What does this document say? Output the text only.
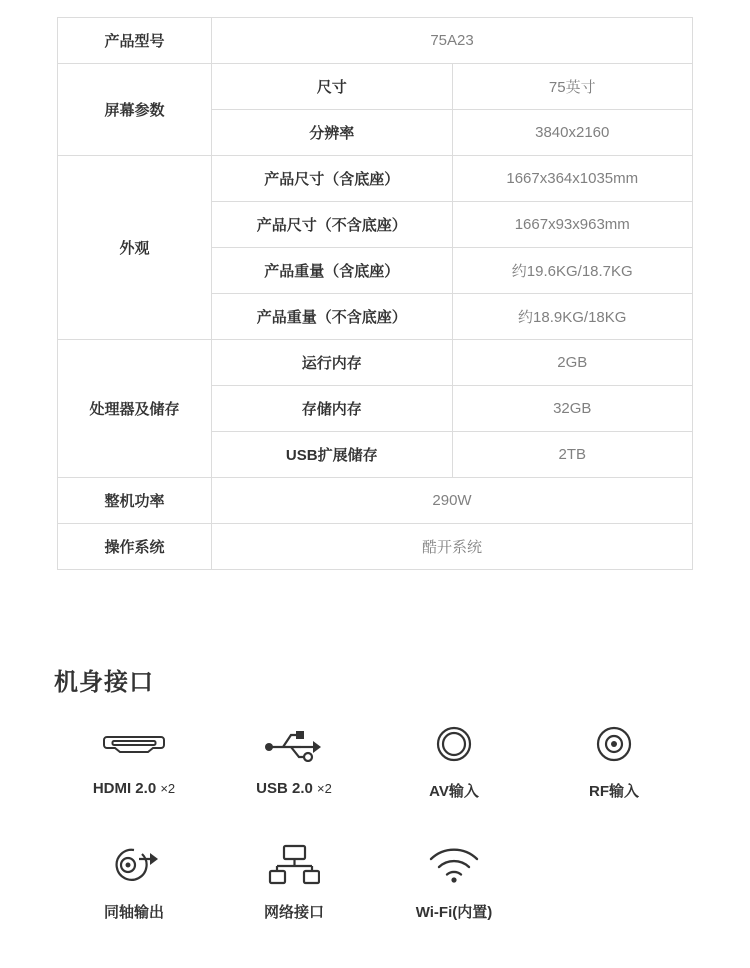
产品型号	75A23	
屏幕参数	尺寸	75英寸
	分辨率	3840x2160
外观	产品尺寸（含底座）	1667x364x1035mm
	产品尺寸（不含底座）	1667x93x963mm
	产品重量（含底座）	约19.6KG/18.7KG
	产品重量（不含底座）	约18.9KG/18KG
处理器及储存	运行内存	2GB
	存储内存	32GB
	USB扩展储存	2TB
整机功率	290W	
操作系统	酷开系统	
机身接口
HDMI 2.0 ×2	USB 2.0 ×2	AV输入	RF输入
同轴输出	网络接口	Wi-Fi(内置)
